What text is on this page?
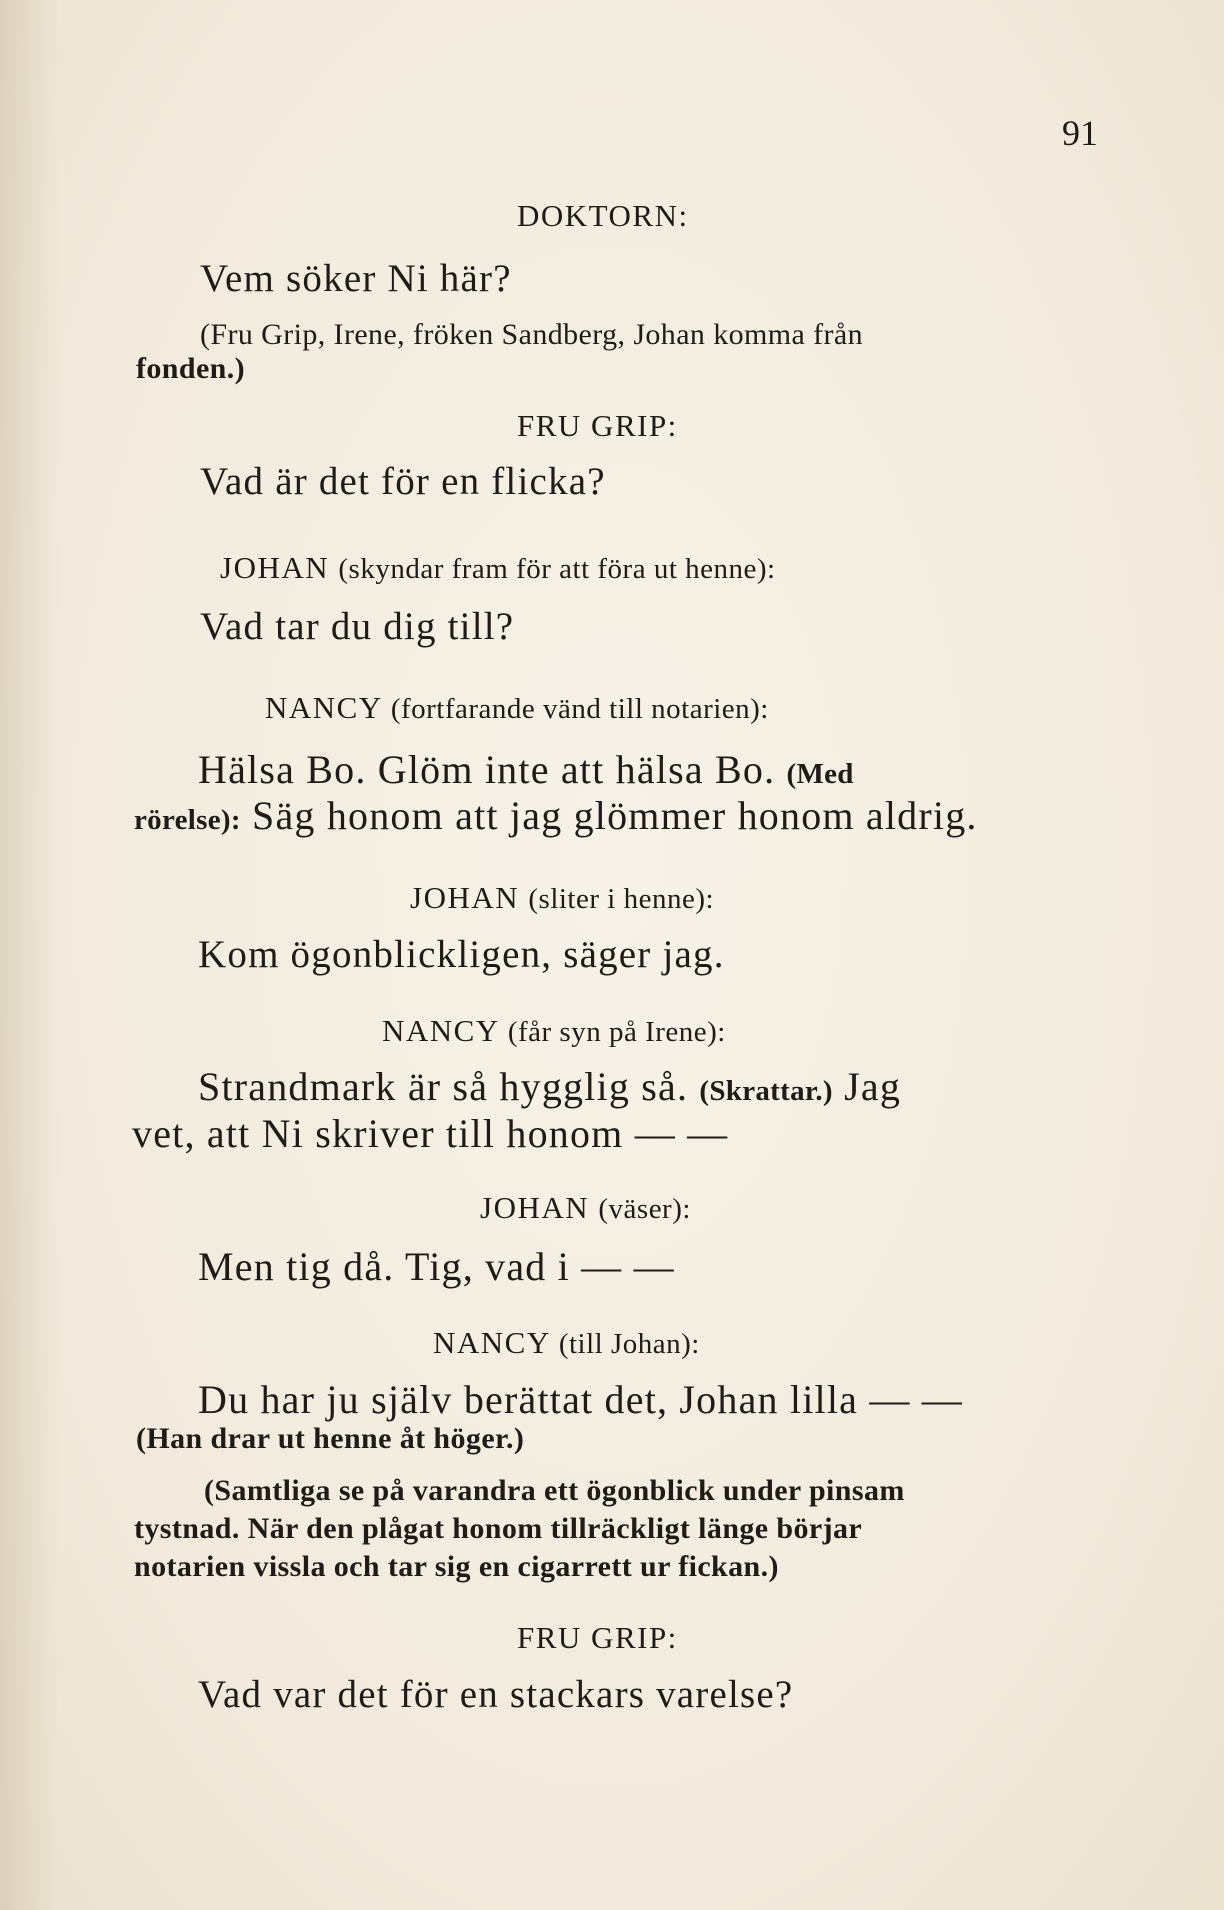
91
DOKTORN:
Vem söker Ni här?
(Fru Grip, Irene, fröken Sandberg, Johan komma från
fonden.)
FRU GRIP:
Vad är det för en flicka?
JOHAN (skyndar fram för att föra ut henne):
Vad tar du dig till?
NANCY (fortfarande vänd till notarien):
Hälsa Bo. Glöm inte att hälsa Bo. (Med
rörelse): Säg honom att jag glömmer honom aldrig.
JOHAN (sliter i henne):
Kom ögonblickligen, säger jag.
NANCY (får syn på Irene):
Strandmark är så hygglig så. (Skrattar.) Jag
vet, att Ni skriver till honom — —
JOHAN (väser):
Men tig då. Tig, vad i — —
NANCY (till Johan):
Du har ju själv berättat det, Johan lilla — —
(Han drar ut henne åt höger.)
(Samtliga se på varandra ett ögonblick under pinsam
tystnad. När den plågat honom tillräckligt länge börjar
notarien vissla och tar sig en cigarrett ur fickan.)
FRU GRIP:
Vad var det för en stackars varelse?
